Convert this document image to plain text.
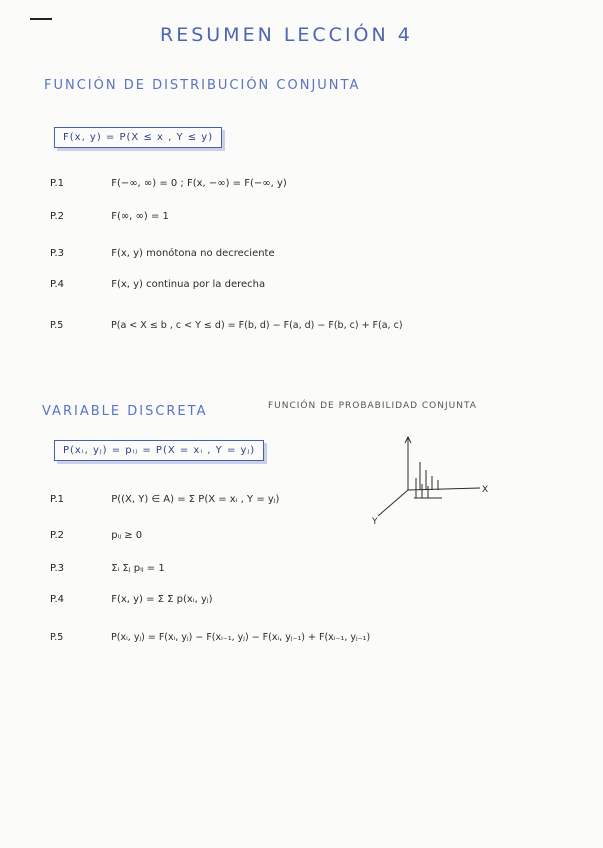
RESUMEN LECCIÓN 4
FUNCIÓN DE DISTRIBUCIÓN CONJUNTA
F(x, y) = P(X ≤ x , Y ≤ y)
P.1	F(−∞, ∞) = 0 ; F(x, −∞) = F(−∞, y)
P.2	F(∞, ∞) = 1
P.3	F(x, y) monótona no decreciente
P.4	F(x, y) continua por la derecha
P.5	P(a < X ≤ b , c < Y ≤ d) = F(b, d) − F(a, d) − F(b, c) + F(a, c)
VARIABLE DISCRETA	FUNCIÓN DE PROBABILIDAD CONJUNTA
P(xᵢ, yⱼ) = pᵢⱼ = P(X = xᵢ , Y = yⱼ)
P.1	P((X, Y) ∈ A) = Σ P(X = xᵢ , Y = yⱼ)
P.2	pᵢⱼ ≥ 0
P.3	Σᵢ Σⱼ pᵢⱼ = 1
P.4	F(x, y) = Σ Σ p(xᵢ, yⱼ)
P.5	P(xᵢ, yⱼ) = F(xᵢ, yⱼ) − F(xᵢ₋₁, yⱼ) − F(xᵢ, yⱼ₋₁) + F(xᵢ₋₁, yⱼ₋₁)
X
Y
